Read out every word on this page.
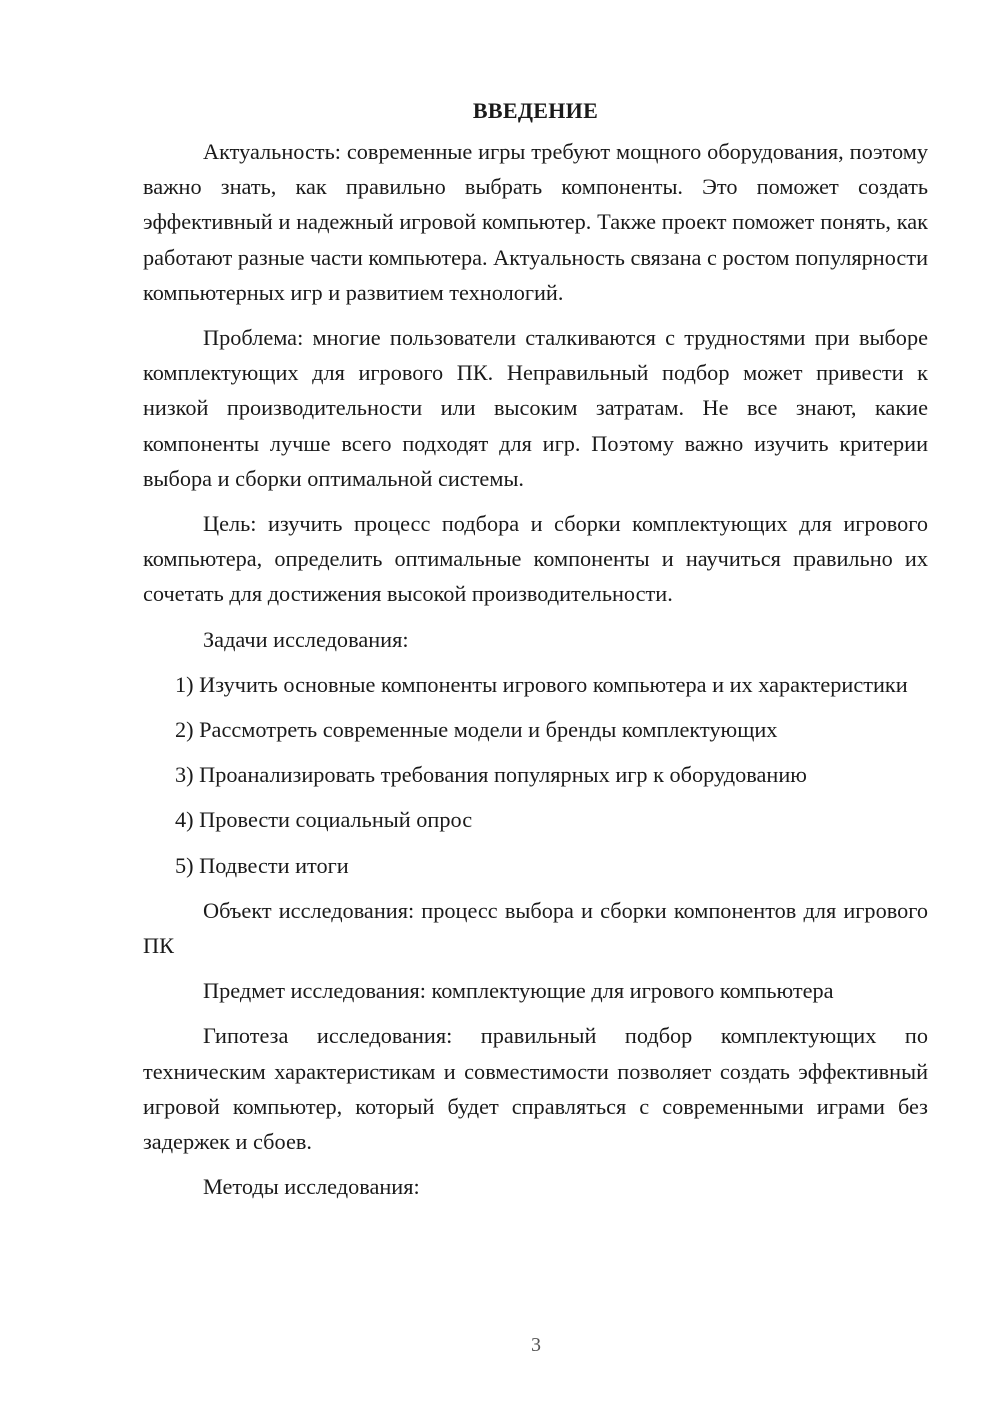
ВВЕДЕНИЕ

Актуальность: современные игры требуют мощного оборудования, поэтому важно знать, как правильно выбрать компоненты. Это поможет создать эффективный и надежный игровой компьютер. Также проект поможет понять, как работают разные части компьютера. Актуальность связана с ростом популярности компьютерных игр и развитием технологий.

Проблема: многие пользователи сталкиваются с трудностями при выборе комплектующих для игрового ПК. Неправильный подбор может привести к низкой производительности или высоким затратам. Не все знают, какие компоненты лучше всего подходят для игр. Поэтому важно изучить критерии выбора и сборки оптимальной системы.

Цель: изучить процесс подбора и сборки комплектующих для игрового компьютера, определить оптимальные компоненты и научиться правильно их сочетать для достижения высокой производительности.

Задачи исследования:

1) Изучить основные компоненты игрового компьютера и их характеристики

2) Рассмотреть современные модели и бренды комплектующих

3) Проанализировать требования популярных игр к оборудованию

4) Провести социальный опрос

5) Подвести итоги

Объект исследования: процесс выбора и сборки компонентов для игрового ПК

Предмет исследования: комплектующие для игрового компьютера

Гипотеза исследования: правильный подбор комплектующих по техническим характеристикам и совместимости позволяет создать эффективный игровой компьютер, который будет справляться с современными играми без задержек и сбоев.

Методы исследования:

3
